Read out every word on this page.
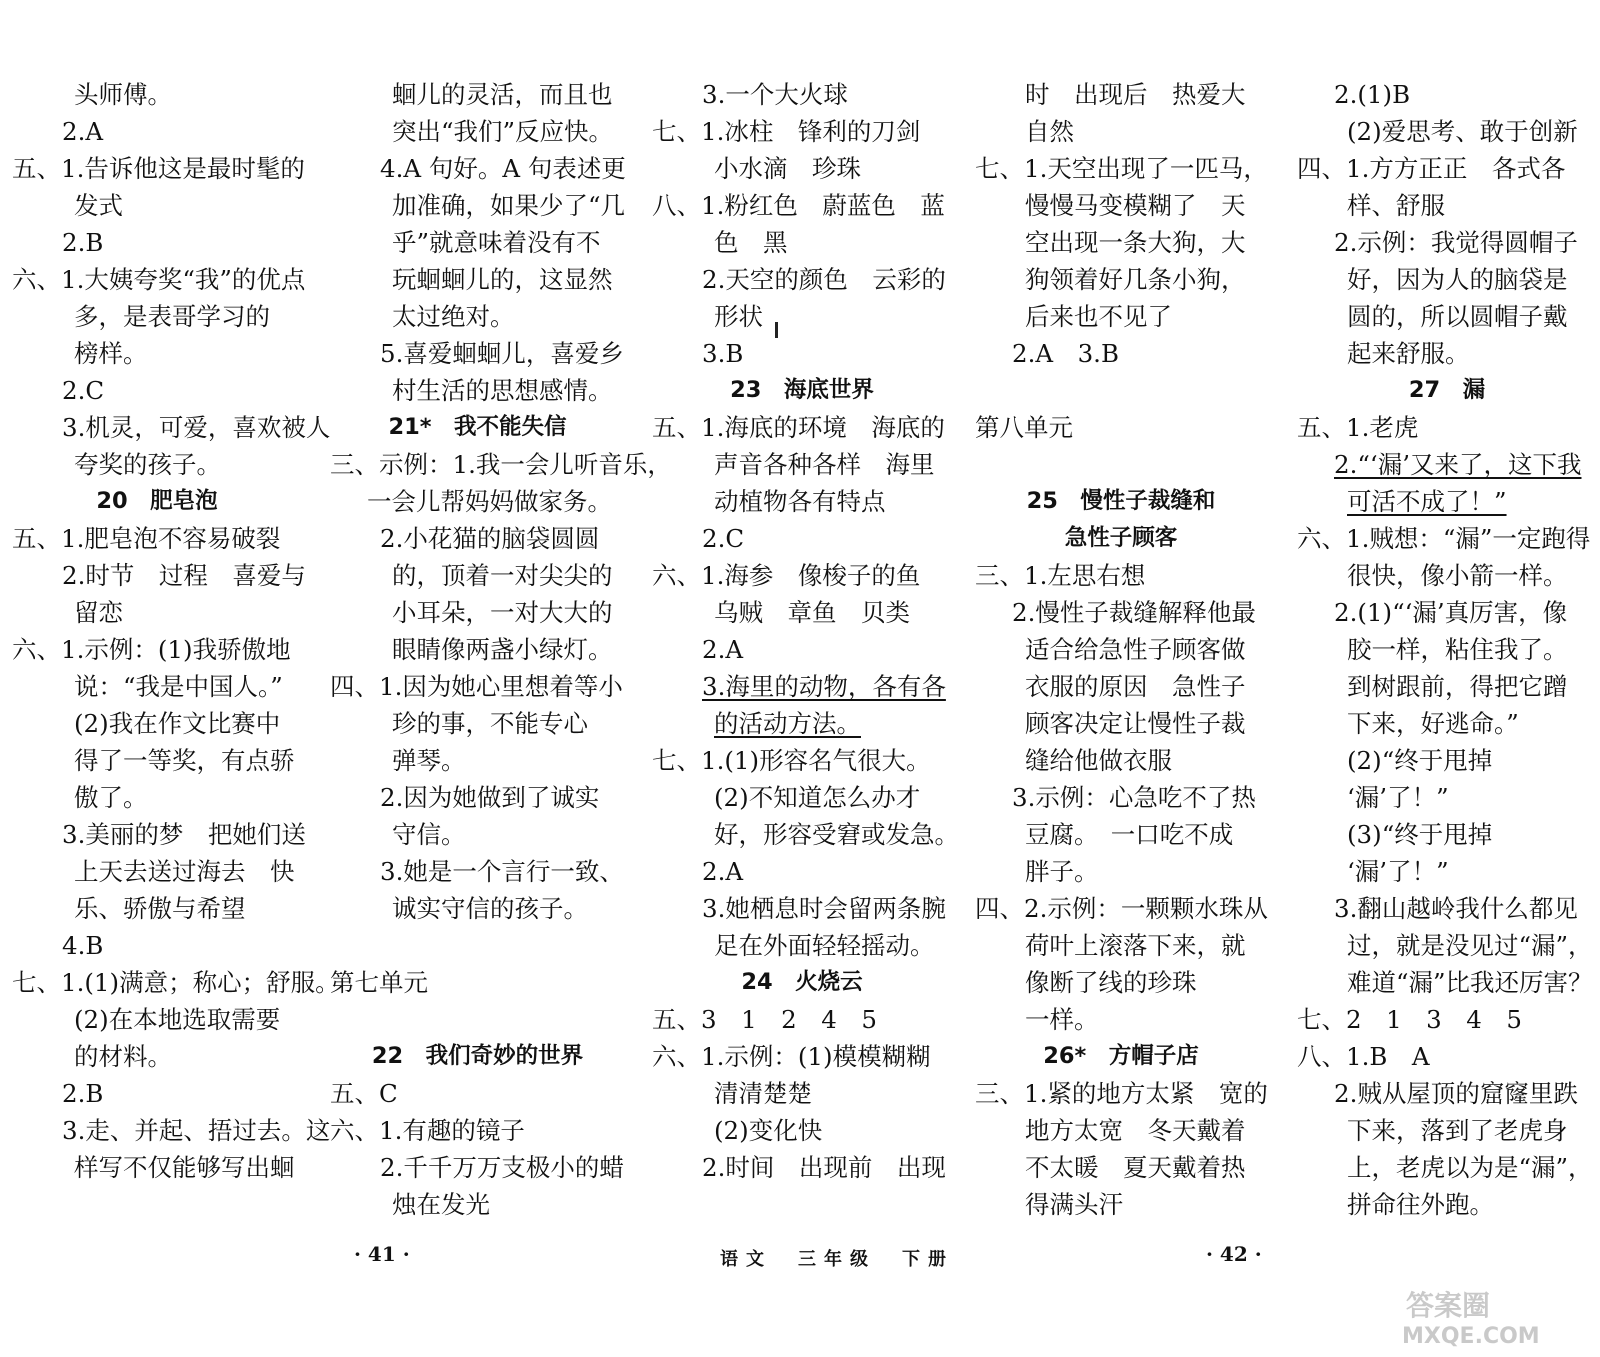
头师傅。
2.A
五、1.告诉他这是最时髦的
发式
2.B
六、1.大姨夸奖“我”的优点
多，是表哥学习的
榜样。
2.C
3.机灵，可爱，喜欢被人
夸奖的孩子。
20　肥皂泡
五、1.肥皂泡不容易破裂
2.时节　过程　喜爱与
留恋
六、1.示例：(1)我骄傲地
说：“我是中国人。”
(2)我在作文比赛中
得了一等奖，有点骄
傲了。
3.美丽的梦　把她们送
上天去送过海去　快
乐、骄傲与希望
4.B
七、1.(1)满意；称心；舒服。
(2)在本地选取需要
的材料。
2.B
3.走、并起、捂过去。这
样写不仅能够写出蛔
蛔儿的灵活，而且也
突出“我们”反应快。
4.A 句好。A 句表述更
加准确，如果少了“几
乎”就意味着没有不
玩蛔蛔儿的，这显然
太过绝对。
5.喜爱蛔蛔儿，喜爱乡
村生活的思想感情。
21*　我不能失信
三、示例：1.我一会儿听音乐，
一会儿帮妈妈做家务。
2.小花猫的脑袋圆圆
的，顶着一对尖尖的
小耳朵，一对大大的
眼睛像两盏小绿灯。
四、1.因为她心里想着等小
珍的事，不能专心
弹琴。
2.因为她做到了诚实
守信。
3.她是一个言行一致、
诚实守信的孩子。
第七单元
22　我们奇妙的世界
五、C
六、1.有趣的镜子
2.千千万万支极小的蜡
烛在发光
3.一个大火球
七、1.冰柱　锋利的刀剑
小水滴　珍珠
八、1.粉红色　蔚蓝色　蓝
色　黑
2.天空的颜色　云彩的
形状
3.B
23　海底世界
五、1.海底的环境　海底的
声音各种各样　海里
动植物各有特点
2.C
六、1.海参　像梭子的鱼
乌贼　章鱼　贝类
2.A
3.海里的动物，各有各
的活动方法。
七、1.(1)形容名气很大。
(2)不知道怎么办才
好，形容受窘或发急。
2.A
3.她栖息时会留两条腕
足在外面轻轻摇动。
24　火烧云
五、3　1　2　4　5
六、1.示例：(1)模模糊糊
清清楚楚
(2)变化快
2.时间　出现前　出现
时　出现后　热爱大
自然
七、1.天空出现了一匹马，
慢慢马变模糊了　天
空出现一条大狗，大
狗领着好几条小狗，
后来也不见了
2.A　3.B
第八单元
25　慢性子裁缝和
急性子顾客
三、1.左思右想
2.慢性子裁缝解释他最
适合给急性子顾客做
衣服的原因　急性子
顾客决定让慢性子裁
缝给他做衣服
3.示例：心急吃不了热
豆腐。　一口吃不成
胖子。
四、2.示例：一颗颗水珠从
荷叶上滚落下来，就
像断了线的珍珠
一样。
26*　方帽子店
三、1.紧的地方太紧　宽的
地方太宽　冬天戴着
不太暖　夏天戴着热
得满头汗
2.(1)B
(2)爱思考、敢于创新
四、1.方方正正　各式各
样、舒服
2.示例：我觉得圆帽子
好，因为人的脑袋是
圆的，所以圆帽子戴
起来舒服。
27　漏
五、1.老虎
2.“‘漏’又来了，这下我
可活不成了！”
六、1.贼想：“漏”一定跑得
很快，像小箭一样。
2.(1)“‘漏’真厉害，像
胶一样，粘住我了。
到树跟前，得把它蹭
下来，好逃命。”
(2)“终于甩掉
‘漏’了！”
(3)“终于甩掉
‘漏’了！”
3.翻山越岭我什么都见
过，就是没见过“漏”，
难道“漏”比我还厉害？
七、2　1　3　4　5
八、1.B　A
2.贼从屋顶的窟窿里跌
下来，落到了老虎身
上，老虎以为是“漏”，
拼命往外跑。
· 41 ·	语文　三年级　下册	· 42 ·
答案圈
MXQE.COM
